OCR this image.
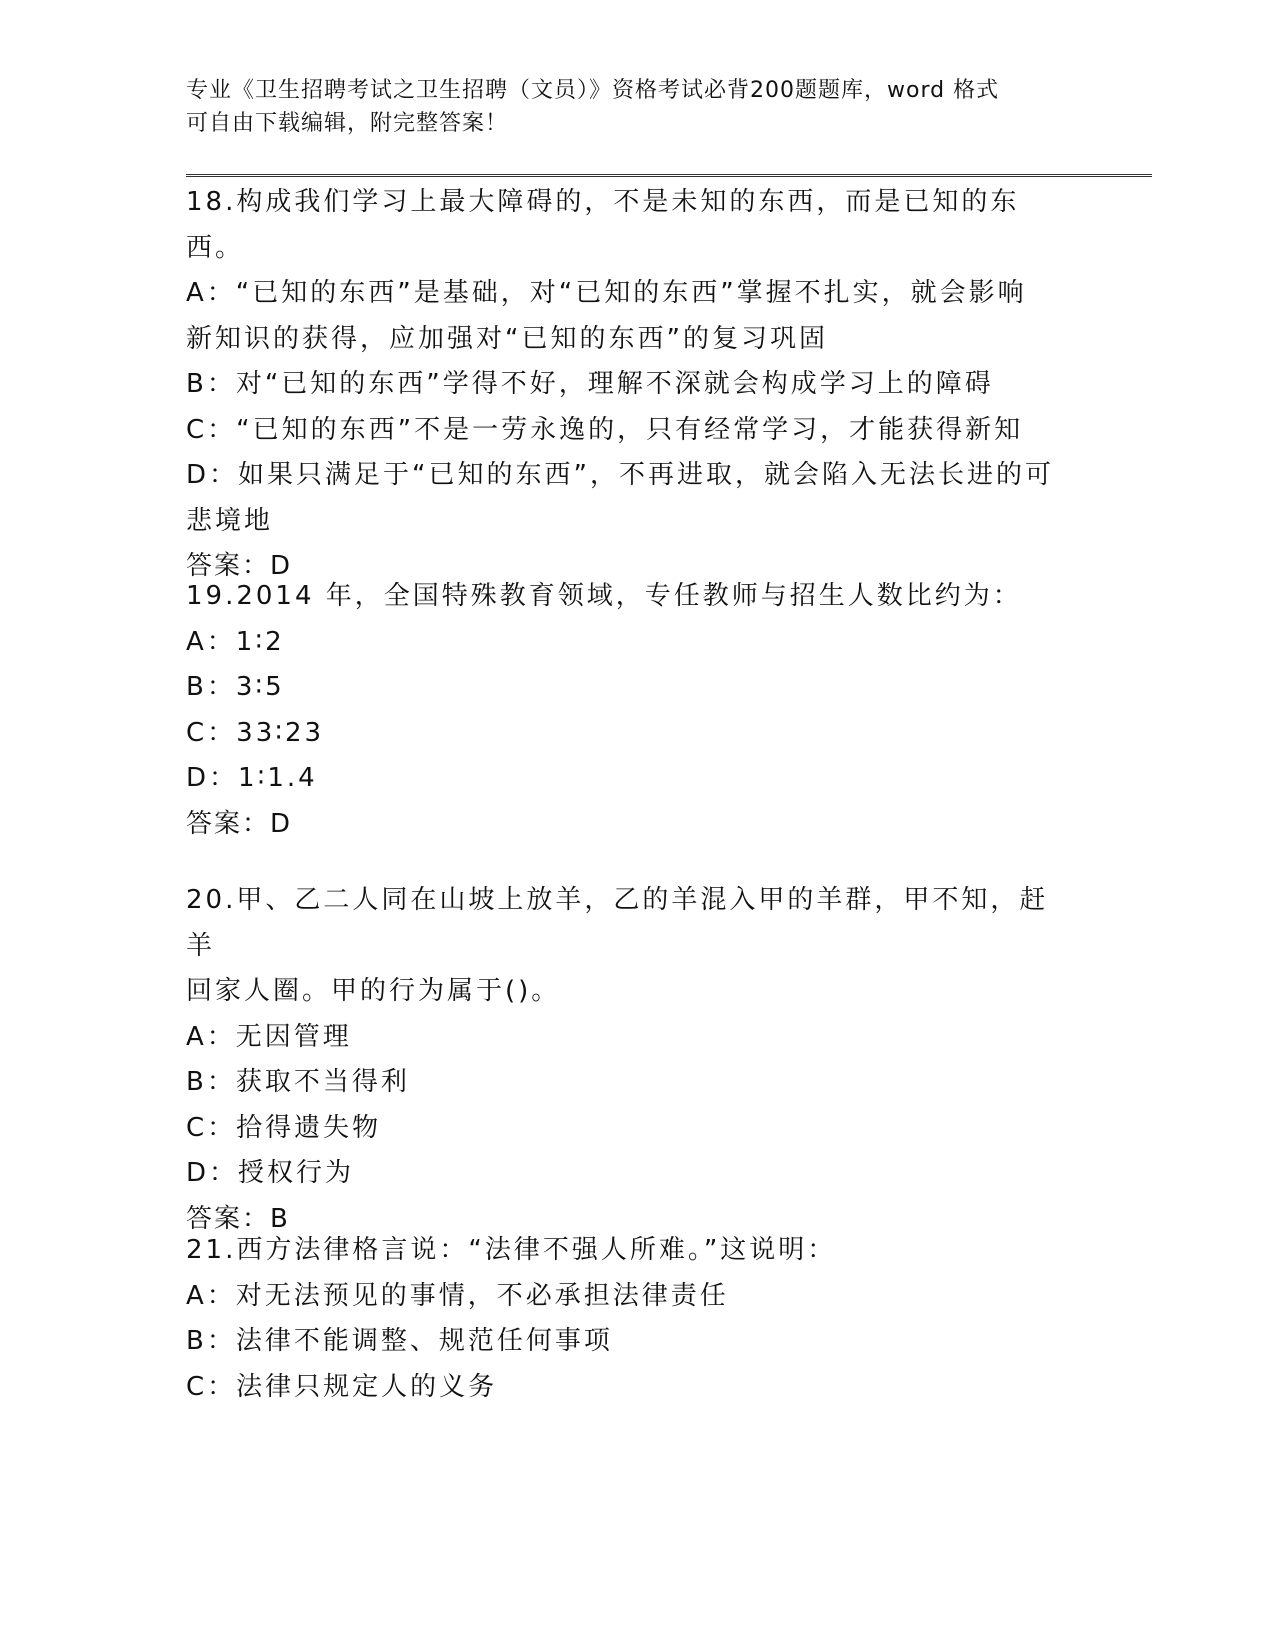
专业《卫生招聘考试之卫生招聘（文员）》资格考试必背200题题库，word 格式
可自由下载编辑，附完整答案！
18.构成我们学习上最大障碍的，不是未知的东西，而是已知的东西。
A：“已知的东西”是基础，对“已知的东西”掌握不扎实，就会影响
新知识的获得，应加强对“已知的东西”的复习巩固
B：对“已知的东西”学得不好，理解不深就会构成学习上的障碍
C：“已知的东西”不是一劳永逸的，只有经常学习，才能获得新知
D：如果只满足于“已知的东西”，不再进取，就会陷入无法长进的可
悲境地
答案：D
19.2014 年，全国特殊教育领域，专任教师与招生人数比约为：
A：1∶2
B：3∶5
C：33∶23
D：1∶1.4
答案：D
20.甲、乙二人同在山坡上放羊，乙的羊混入甲的羊群，甲不知，赶羊
回家人圈。甲的行为属于()。
A：无因管理
B：获取不当得利
C：拾得遗失物
D：授权行为
答案：B
21.西方法律格言说：“法律不强人所难。”这说明：
A：对无法预见的事情，不必承担法律责任
B：法律不能调整、规范任何事项
C：法律只规定人的义务
